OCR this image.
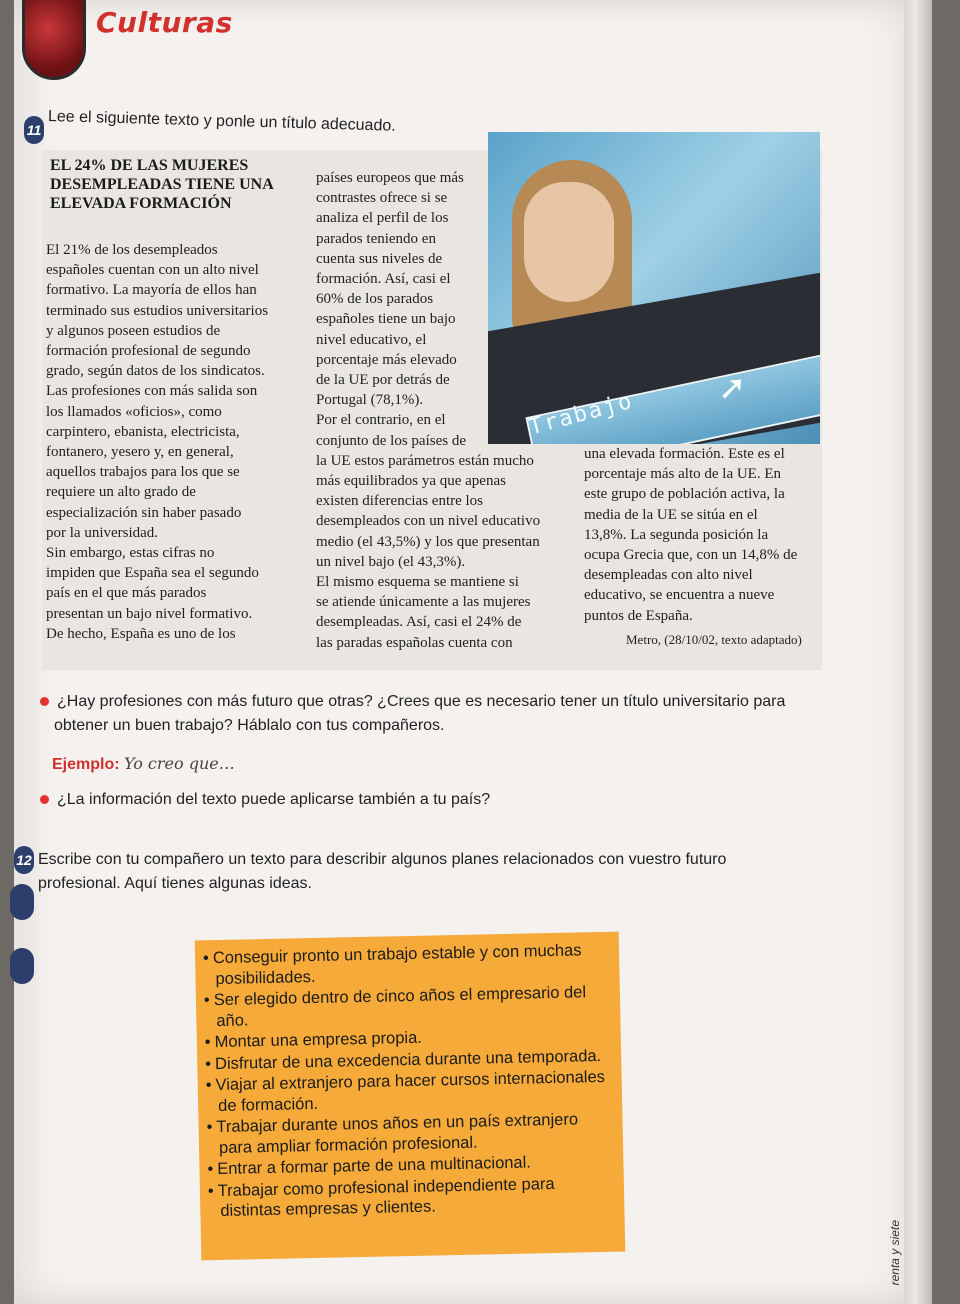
Culturas
11 Lee el siguiente texto y ponle un título adecuado.
EL 24% DE LAS MUJERES DESEMPLEADAS TIENE UNA ELEVADA FORMACIÓN
El 21% de los desempleados
españoles cuentan con un alto nivel
formativo. La mayoría de ellos han
terminado sus estudios universitarios
y algunos poseen estudios de
formación profesional de segundo
grado, según datos de los sindicatos.
Las profesiones con más salida son
los llamados «oficios», como
carpintero, ebanista, electricista,
fontanero, yesero y, en general,
aquellos trabajos para los que se
requiere un alto grado de
especialización sin haber pasado
por la universidad.
Sin embargo, estas cifras no
impiden que España sea el segundo
país en el que más parados
presentan un bajo nivel formativo.
De hecho, España es uno de los
países europeos que más
contrastes ofrece si se
analiza el perfil de los
parados teniendo en
cuenta sus niveles de
formación. Así, casi el
60% de los parados
españoles tiene un bajo
nivel educativo, el
porcentaje más elevado
de la UE por detrás de
Portugal (78,1%).
Por el contrario, en el
conjunto de los países de
la UE estos parámetros están mucho
más equilibrados ya que apenas
existen diferencias entre los
desempleados con un nivel educativo
medio (el 43,5%) y los que presentan
un nivel bajo (el 43,3%).
El mismo esquema se mantiene si
se atiende únicamente a las mujeres
desempleadas. Así, casi el 24% de
las paradas españolas cuenta con
Trabajo
➚
una elevada formación. Este es el
porcentaje más alto de la UE. En
este grupo de población activa, la
media de la UE se sitúa en el
13,8%. La segunda posición la
ocupa Grecia que, con un 14,8% de
desempleadas con alto nivel
educativo, se encuentra a nueve
puntos de España.
Metro, (28/10/02, texto adaptado)
¿Hay profesiones con más futuro que otras? ¿Crees que es necesario tener un título universitario para
obtener un buen trabajo? Háblalo con tus compañeros.
Ejemplo: Yo creo que…
¿La información del texto puede aplicarse también a tu país?
12 Escribe con tu compañero un texto para describir algunos planes relacionados con vuestro futuro
profesional. Aquí tienes algunas ideas.
• Conseguir pronto un trabajo estable y con muchas posibilidades.
• Ser elegido dentro de cinco años el empresario del año.
• Montar una empresa propia.
• Disfrutar de una excedencia durante una temporada.
• Viajar al extranjero para hacer cursos internacionales de formación.
• Trabajar durante unos años en un país extranjero para ampliar formación profesional.
• Entrar a formar parte de una multinacional.
• Trabajar como profesional independiente para distintas empresas y clientes.
renta y siete
